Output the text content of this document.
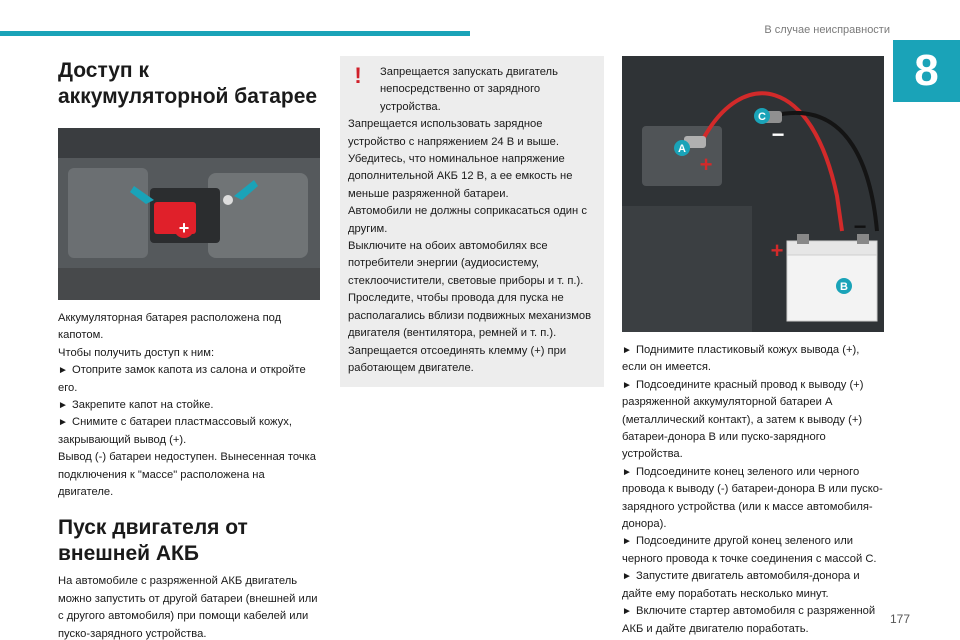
В случае неисправности
8
Доступ к аккумуляторной батарее
+
Аккумуляторная батарея расположена под капотом.
Чтобы получить доступ к ним:
► Отоприте замок капота из салона и откройте его.
► Закрепите капот на стойке.
► Снимите с батареи пластмассовый кожух, закрывающий вывод (+).
Вывод (-) батареи недоступен. Вынесенная точка подключения к "массе" расположена на двигателе.
Пуск двигателя от внешней АКБ
На автомобиле с разряженной АКБ двигатель можно запустить от другой батареи (внешней или с другого автомобиля) при помощи кабелей или пуско-зарядного устройства.
!	Запрещается запускать двигатель непосредственно от зарядного устройства.
Запрещается использовать зарядное устройство с напряжением 24 В и выше.
Убедитесь, что номинальное напряжение дополнительной АКБ 12 В, а ее емкость не меньше разряженной батареи.
Автомобили не должны соприкасаться один с другим.
Выключите на обоих автомобилях все потребители энергии (аудиосистему, стеклоочистители, световые приборы и т. п.).
Проследите, чтобы провода для пуска не располагались вблизи подвижных механизмов двигателя (вентилятора, ремней и т. п.).
Запрещается отсоединять клемму (+) при работающем двигателе.
A
C
B
+
+
−
−
► Поднимите пластиковый кожух вывода (+), если он имеется.
► Подсоедините красный провод к выводу (+) разряженной аккумуляторной батареи A (металлический контакт), а затем к выводу (+) батареи-донора B или пуско-зарядного устройства.
► Подсоедините конец зеленого или черного провода к выводу (-) батареи-донора B или пуско-зарядного устройства (или к массе автомобиля-донора).
► Подсоедините другой конец зеленого или черного провода к точке соединения с массой C.
► Запустите двигатель автомобиля-донора и дайте ему поработать несколько минут.
► Включите стартер автомобиля с разряженной АКБ и дайте двигателю поработать.
177
